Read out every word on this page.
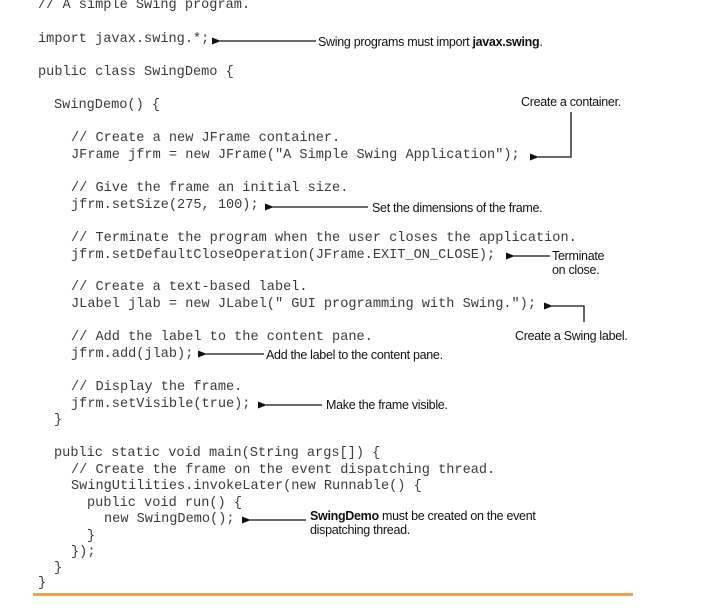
// A simple Swing program.
import javax.swing.*;
public class SwingDemo {
SwingDemo() {
// Create a new JFrame container.
JFrame jfrm = new JFrame("A Simple Swing Application");
// Give the frame an initial size.
jfrm.setSize(275, 100);
// Terminate the program when the user closes the application.
jfrm.setDefaultCloseOperation(JFrame.EXIT_ON_CLOSE);
// Create a text-based label.
JLabel jlab = new JLabel(" GUI programming with Swing.");
// Add the label to the content pane.
jfrm.add(jlab);
// Display the frame.
jfrm.setVisible(true);
}
public static void main(String args[]) {
// Create the frame on the event dispatching thread.
SwingUtilities.invokeLater(new Runnable() {
public void run() {
new SwingDemo();
}
});
}
}
Swing programs must import javax.swing.
Create a container.
Set the dimensions of the frame.
Terminate
on close.
Create a Swing label.
Add the label to the content pane.
Make the frame visible.
SwingDemo must be created on the event
dispatching thread.
